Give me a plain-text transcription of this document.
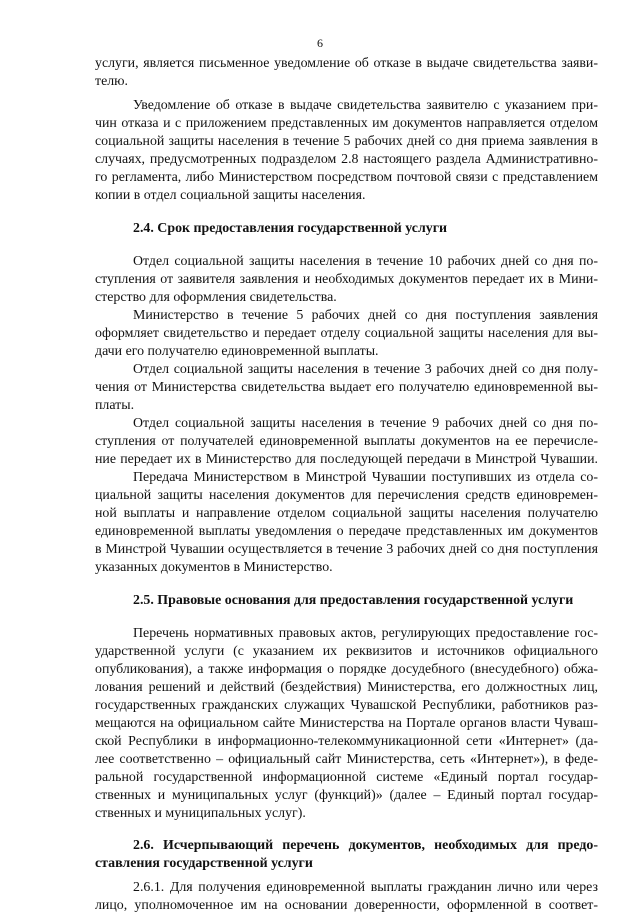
6
услуги, является письменное уведомление об отказе в выдаче свидетельства заяви-
телю.
Уведомление об отказе в выдаче свидетельства заявителю с указанием при-
чин отказа и с приложением представленных им документов направляется отделом
социальной защиты населения в течение 5 рабочих дней со дня приема заявления в
случаях, предусмотренных подразделом 2.8 настоящего раздела Административно-
го регламента, либо Министерством посредством почтовой связи с представлением
копии в отдел социальной защиты населения.
2.4. Срок предоставления государственной услуги
Отдел социальной защиты населения в течение 10 рабочих дней со дня по-
ступления от заявителя заявления и необходимых документов передает их в Мини-
стерство для оформления свидетельства.
Министерство в течение 5 рабочих дней со дня поступления заявления
оформляет свидетельство и передает отделу социальной защиты населения для вы-
дачи его получателю единовременной выплаты.
Отдел социальной защиты населения в течение 3 рабочих дней со дня полу-
чения от Министерства свидетельства выдает его получателю единовременной вы-
платы.
Отдел социальной защиты населения в течение 9 рабочих дней со дня по-
ступления от получателей единовременной выплаты документов на ее перечисле-
ние передает их в Министерство для последующей передачи в Минстрой Чувашии.
Передача Министерством в Минстрой Чувашии поступивших из отдела со-
циальной защиты населения документов для перечисления средств единовремен-
ной выплаты и направление отделом социальной защиты населения получателю
единовременной выплаты уведомления о передаче представленных им документов
в Минстрой Чувашии осуществляется в течение 3 рабочих дней со дня поступления
указанных документов в Министерство.
2.5. Правовые основания для предоставления государственной услуги
Перечень нормативных правовых актов, регулирующих предоставление гос-
ударственной услуги (с указанием их реквизитов и источников официального
опубликования), а также информация о порядке досудебного (внесудебного) обжа-
лования решений и действий (бездействия) Министерства, его должностных лиц,
государственных гражданских служащих Чувашской Республики, работников раз-
мещаются на официальном сайте Министерства на Портале органов власти Чуваш-
ской Республики в информационно-телекоммуникационной сети «Интернет» (да-
лее соответственно – официальный сайт Министерства, сеть «Интернет»), в феде-
ральной государственной информационной системе «Единый портал государ-
ственных и муниципальных услуг (функций)» (далее – Единый портал государ-
ственных и муниципальных услуг).
2.6. Исчерпывающий перечень документов, необходимых для предо-
ставления государственной услуги
2.6.1. Для получения единовременной выплаты гражданин лично или через
лицо, уполномоченное им на основании доверенности, оформленной в соответ-
